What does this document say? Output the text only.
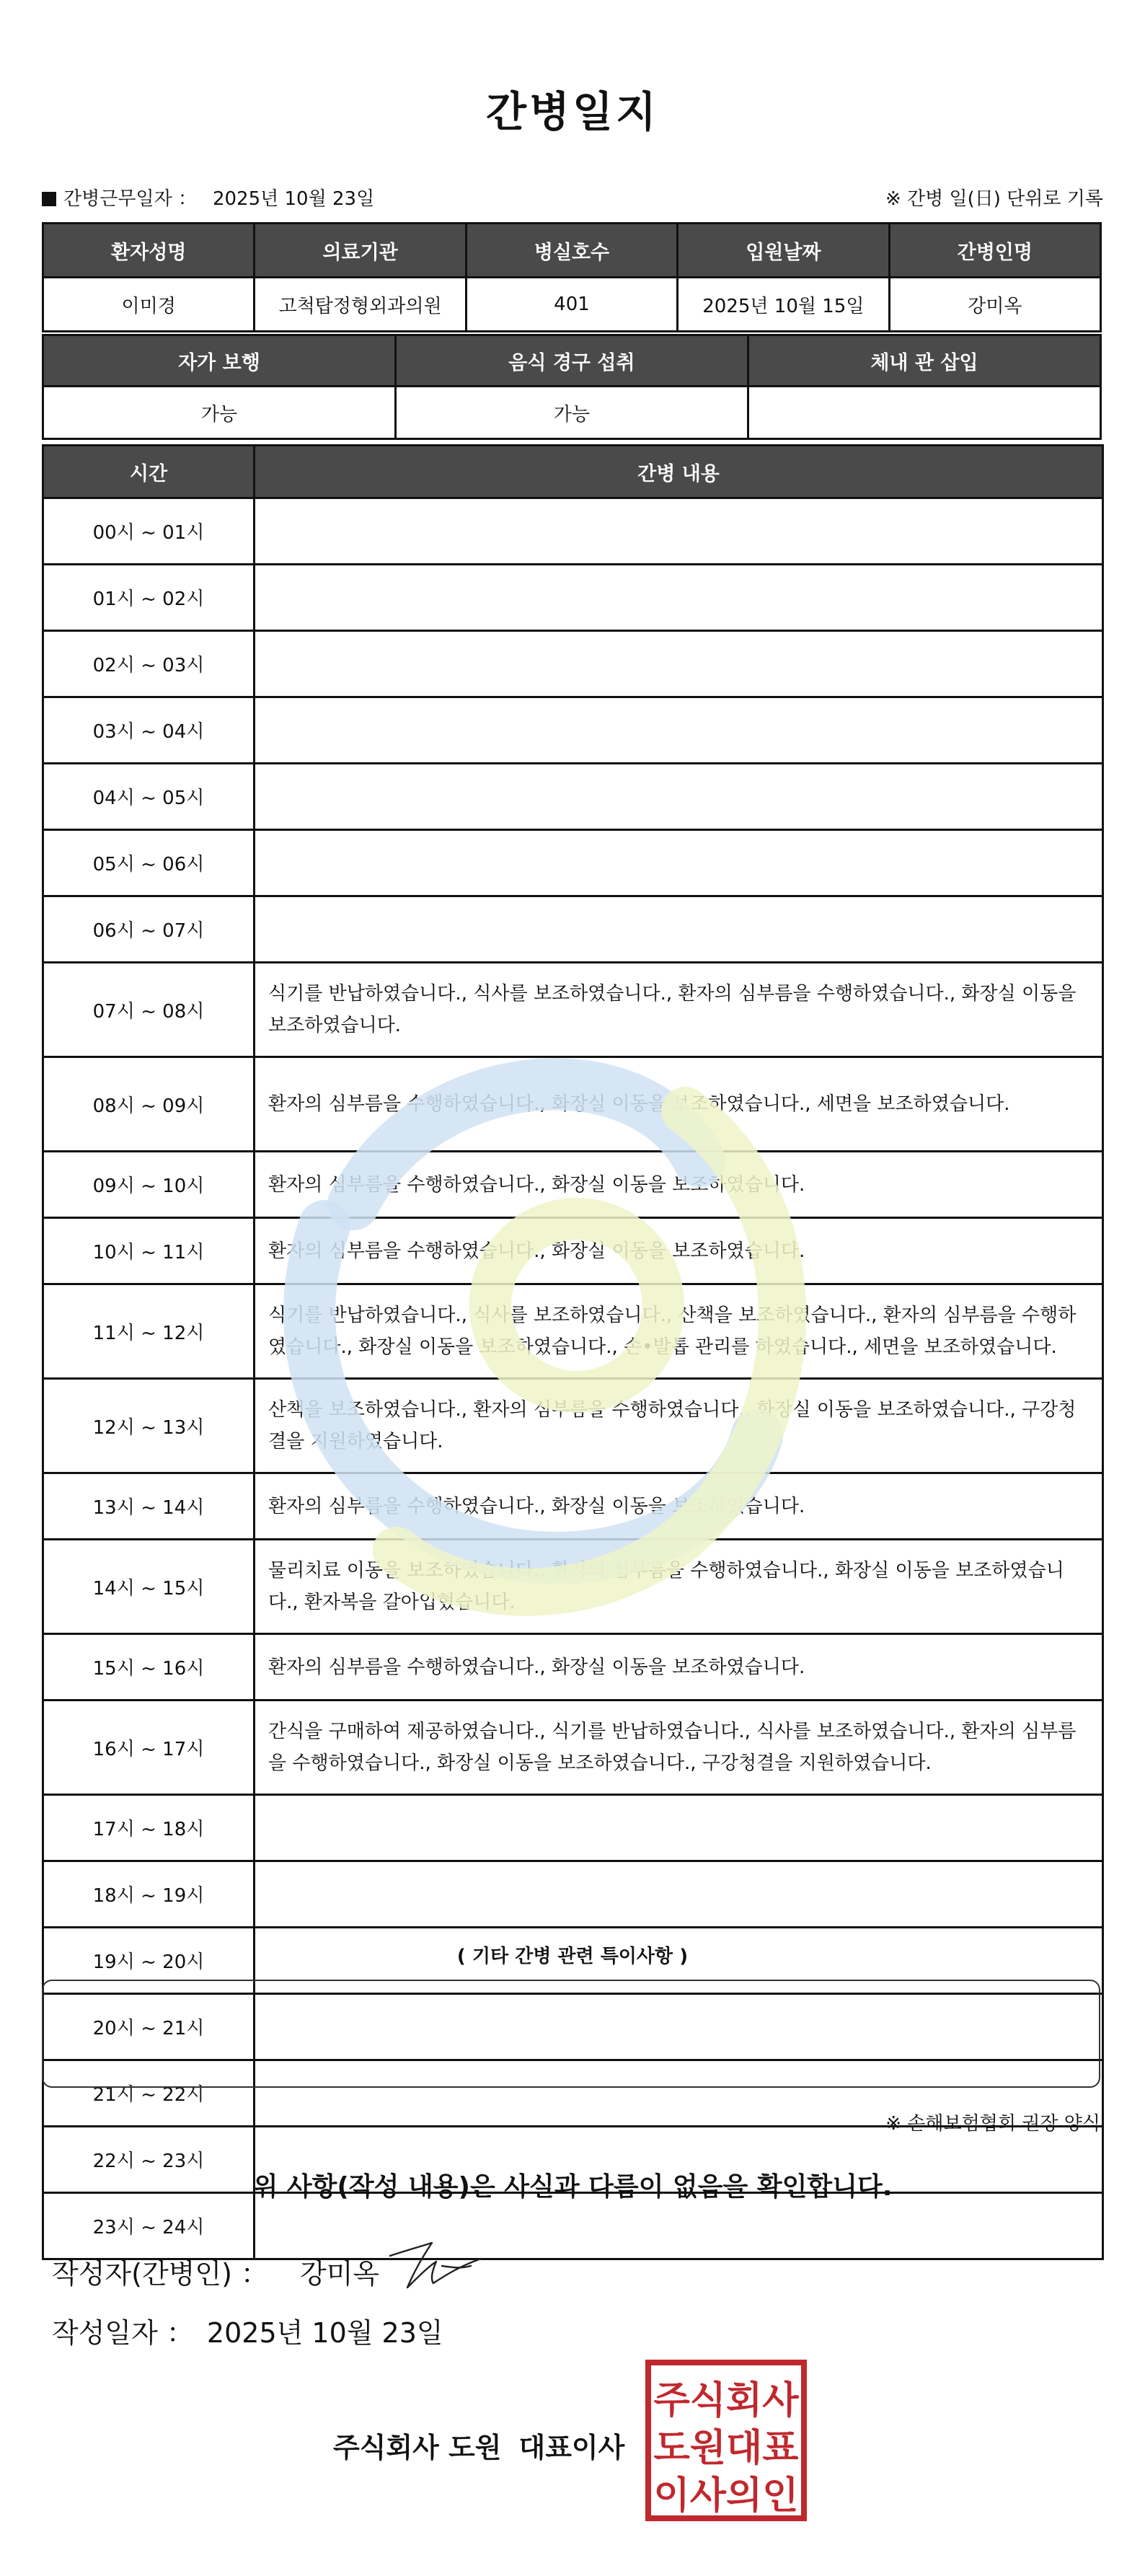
간병일지
간병근무일자 ： 2025년 10월 23일	※ 간병 일(日) 단위로 기록
환자성명	의료기관	병실호수	입원날짜	간병인명
이미경	고척탑정형외과의원	401	2025년 10월 15일	강미옥
자가 보행	음식 경구 섭취	체내 관 삽입
가능	가능	
시간	간병 내용
00시 ~ 01시	
01시 ~ 02시	
02시 ~ 03시	
03시 ~ 04시	
04시 ~ 05시	
05시 ~ 06시	
06시 ~ 07시	
07시 ~ 08시	식기를 반납하였습니다., 식사를 보조하였습니다., 환자의 심부름을 수행하였습니다., 화장실 이동을 보조하였습니다.
08시 ~ 09시	환자의 심부름을 수행하였습니다., 화장실 이동을 보조하였습니다., 세면을 보조하였습니다.
09시 ~ 10시	환자의 심부름을 수행하였습니다., 화장실 이동을 보조하였습니다.
10시 ~ 11시	환자의 심부름을 수행하였습니다., 화장실 이동을 보조하였습니다.
11시 ~ 12시	식기를 반납하였습니다., 식사를 보조하였습니다., 산책을 보조하였습니다., 환자의 심부름을 수행하였습니다., 화장실 이동을 보조하였습니다., 손•발톱 관리를 하였습니다., 세면을 보조하였습니다.
12시 ~ 13시	산책을 보조하였습니다., 환자의 심부름을 수행하였습니다., 화장실 이동을 보조하였습니다., 구강청결을 지원하였습니다.
13시 ~ 14시	환자의 심부름을 수행하였습니다., 화장실 이동을 보조하였습니다.
14시 ~ 15시	물리치료 이동을 보조하였습니다., 환자의 심부름을 수행하였습니다., 화장실 이동을 보조하였습니다., 환자복을 갈아입혔습니다.
15시 ~ 16시	환자의 심부름을 수행하였습니다., 화장실 이동을 보조하였습니다.
16시 ~ 17시	간식을 구매하여 제공하였습니다., 식기를 반납하였습니다., 식사를 보조하였습니다., 환자의 심부름을 수행하였습니다., 화장실 이동을 보조하였습니다., 구강청결을 지원하였습니다.
17시 ~ 18시	
18시 ~ 19시	
19시 ~ 20시	
20시 ~ 21시	
21시 ~ 22시	
22시 ~ 23시	
23시 ~ 24시	
( 기타 간병 관련 특이사항 )
※ 손해보험협회 권장 양식
위 사항(작성 내용)은 사실과 다름이 없음을 확인합니다.
작성자(간병인) ： 강미옥
작성일자 ： 2025년 10월 23일
주식회사 도원 대표이사
주식회사
도원대표
이사의인
